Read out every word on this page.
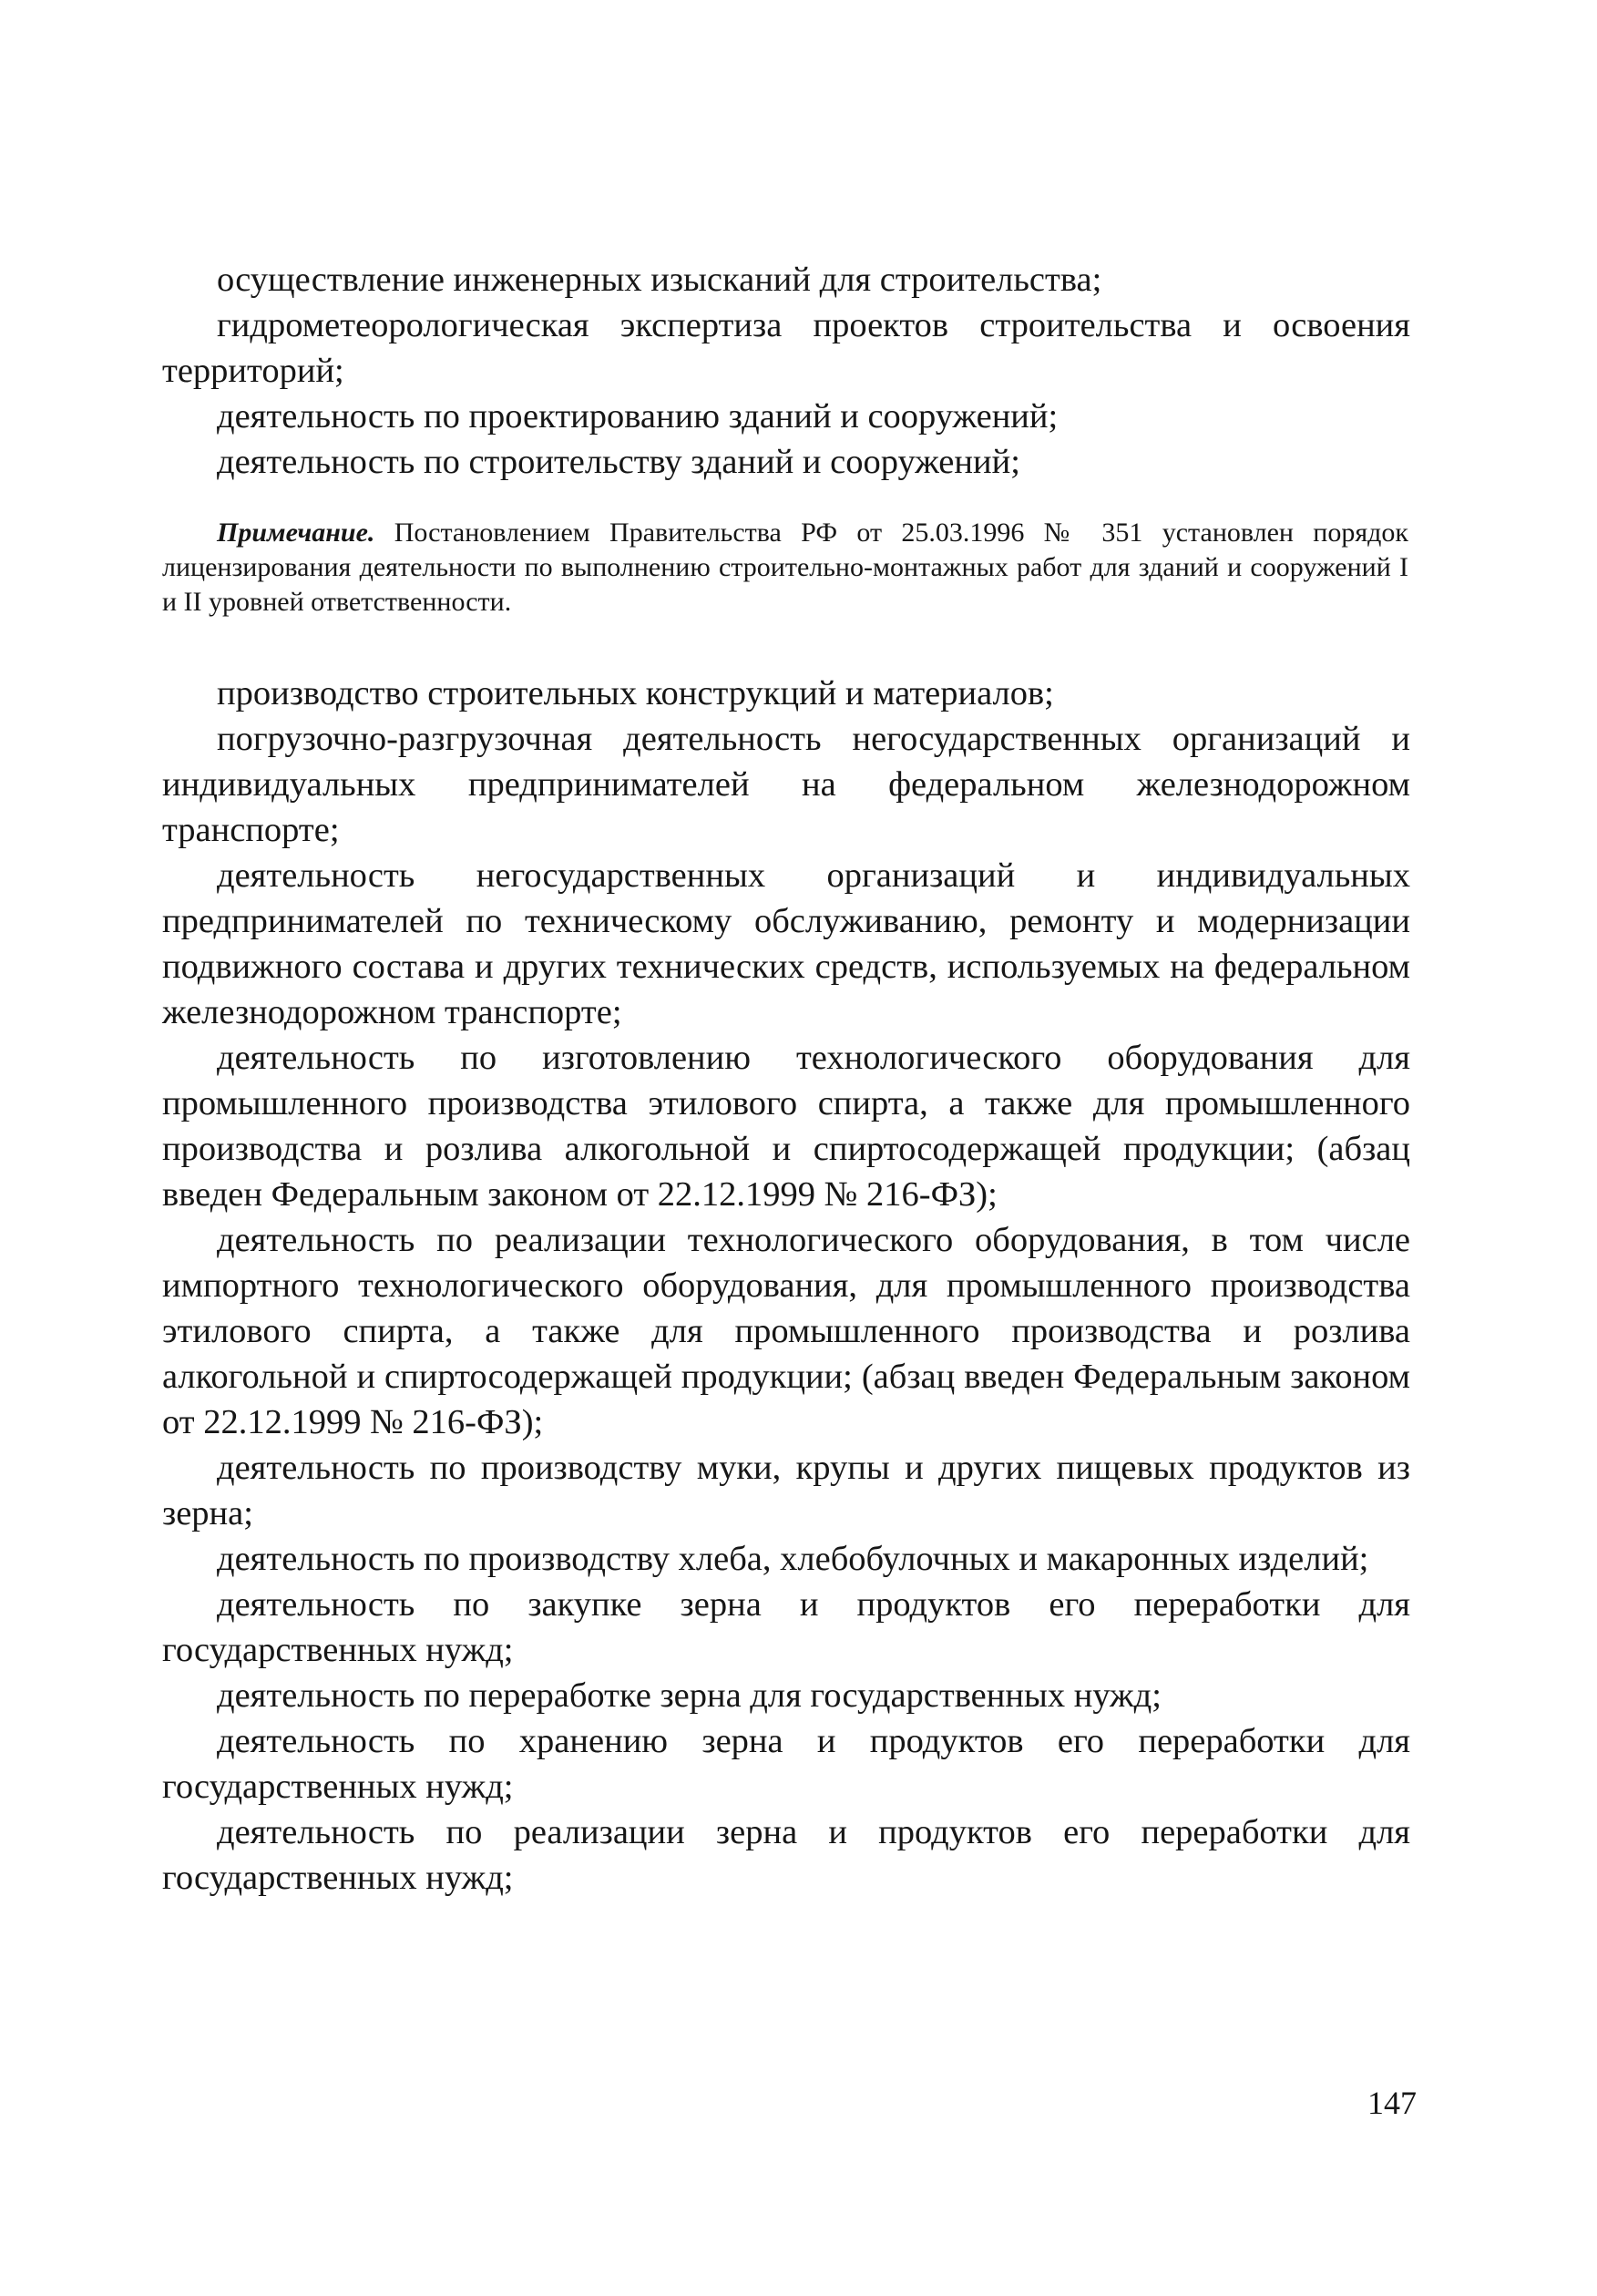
осуществление инженерных изысканий для строительства;

гидрометеорологическая экспертиза проектов строительства и освоения территорий;

деятельность по проектированию зданий и сооружений;

деятельность по строительству зданий и сооружений;

Примечание. Постановлением Правительства РФ от 25.03.1996 № 351 установлен порядок лицензирования деятельности по выполнению строительно-монтажных работ для зданий и сооружений I и II уровней ответственности.

производство строительных конструкций и материалов;

погрузочно-разгрузочная деятельность негосударственных организаций и индивидуальных предпринимателей на федеральном железнодорожном транспорте;

деятельность негосударственных организаций и индивидуальных предпринимателей по техническому обслуживанию, ремонту и модернизации подвижного состава и других технических средств, используемых на федеральном железнодорожном транспорте;

деятельность по изготовлению технологического оборудования для промышленного производства этилового спирта, а также для промышленного производства и розлива алкогольной и спиртосодержащей продукции; (абзац введен Федеральным законом от 22.12.1999 № 216-ФЗ);

деятельность по реализации технологического оборудования, в том числе импортного технологического оборудования, для промышленного производства этилового спирта, а также для промышленного производства и розлива алкогольной и спиртосодержащей продукции; (абзац введен Федеральным законом от 22.12.1999 № 216-ФЗ);

деятельность по производству муки, крупы и других пищевых продуктов из зерна;

деятельность по производству хлеба, хлебобулочных и макаронных изделий;

деятельность по закупке зерна и продуктов его переработки для государственных нужд;

деятельность по переработке зерна для государственных нужд;

деятельность по хранению зерна и продуктов его переработки для государственных нужд;

деятельность по реализации зерна и продуктов его переработки для государственных нужд;

147
